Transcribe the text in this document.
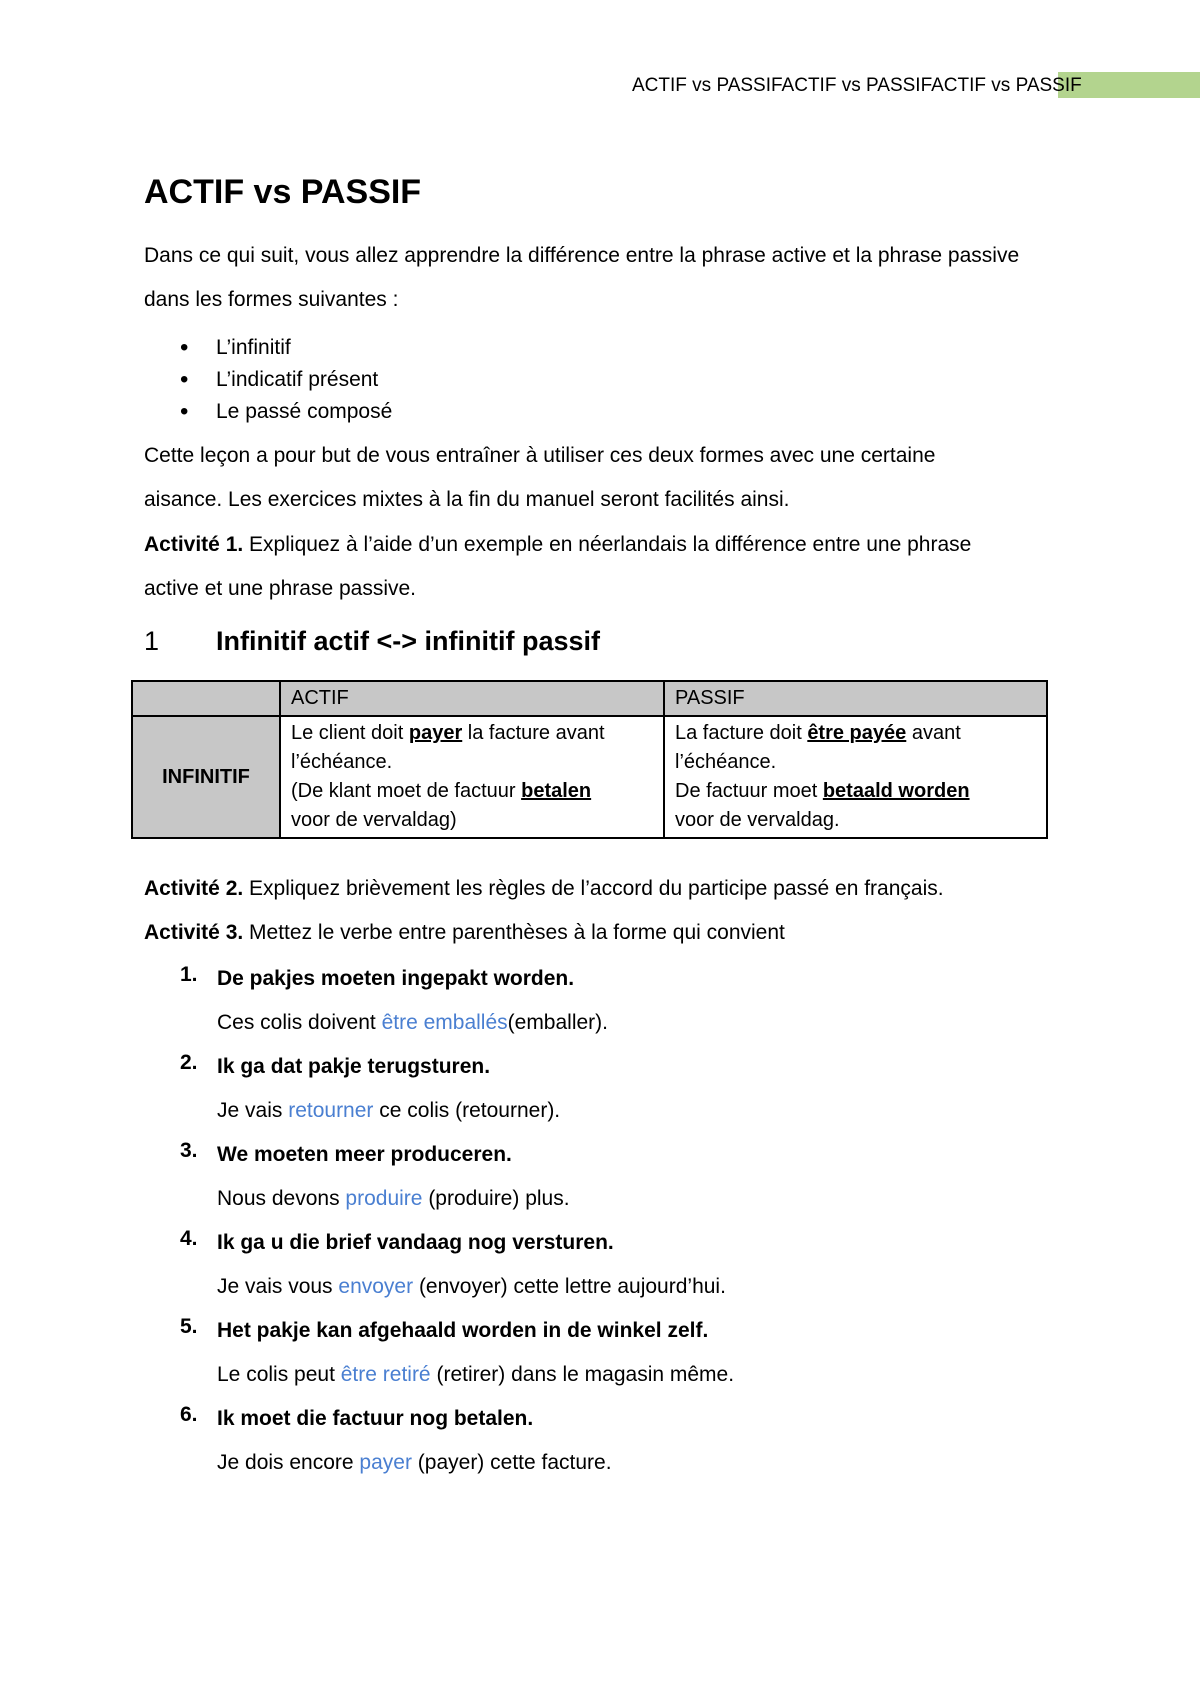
ACTIF vs PASSIFACTIF vs PASSIFACTIF vs PASSIF
ACTIF vs PASSIF

Dans ce qui suit, vous allez apprendre la différence entre la phrase active et la phrase passive

dans les formes suivantes :

• L’infinitif
• L’indicatif présent
• Le passé composé

Cette leçon a pour but de vous entraîner à utiliser ces deux formes avec une certaine

aisance. Les exercices mixtes à la fin du manuel seront facilités ainsi.

Activité 1. Expliquez à l’aide d’un exemple en néerlandais la différence entre une phrase

active et une phrase passive.

1 Infinitif actif <-> infinitif passif
	ACTIF	PASSIF
INFINITIF	Le client doit payer la facture avant
l’échéance.
(De klant moet de factuur betalen
voor de vervaldag)	La facture doit être payée avant
l’échéance.
De factuur moet betaald worden
voor de vervaldag.

Activité 2. Expliquez brièvement les règles de l’accord du participe passé en français.

Activité 3. Mettez le verbe entre parenthèses à la forme qui convient

1. De pakjes moeten ingepakt worden.
Ces colis doivent être emballés(emballer).
2. Ik ga dat pakje terugsturen.
Je vais retourner ce colis (retourner).
3. We moeten meer produceren.
Nous devons produire (produire) plus.
4. Ik ga u die brief vandaag nog versturen.
Je vais vous envoyer (envoyer) cette lettre aujourd’hui.
5. Het pakje kan afgehaald worden in de winkel zelf.
Le colis peut être retiré (retirer) dans le magasin même.
6. Ik moet die factuur nog betalen.
Je dois encore payer (payer) cette facture.
